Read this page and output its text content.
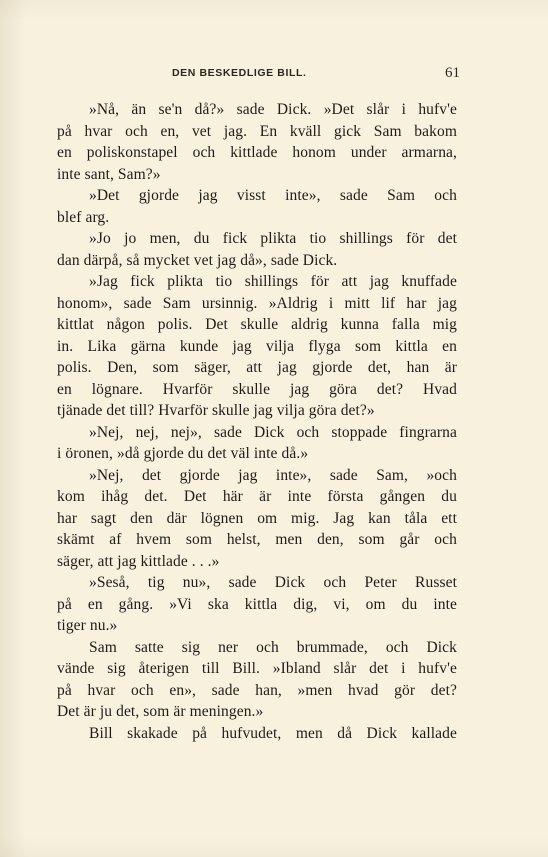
DEN BESKEDLIGE BILL.	61
»Nå, än se'n då?» sade Dick. »Det slår i hufv'e
på hvar och en, vet jag. En kväll gick Sam bakom
en poliskonstapel och kittlade honom under armarna,
inte sant, Sam?»
»Det gjorde jag visst inte», sade Sam och
blef arg.
»Jo jo men, du fick plikta tio shillings för det
dan därpå, så mycket vet jag då», sade Dick.
»Jag fick plikta tio shillings för att jag knuffade
honom», sade Sam ursinnig. »Aldrig i mitt lif har jag
kittlat någon polis. Det skulle aldrig kunna falla mig
in. Lika gärna kunde jag vilja flyga som kittla en
polis. Den, som säger, att jag gjorde det, han är
en lögnare. Hvarför skulle jag göra det? Hvad
tjänade det till? Hvarför skulle jag vilja göra det?»
»Nej, nej, nej», sade Dick och stoppade fingrarna
i öronen, »då gjorde du det väl inte då.»
»Nej, det gjorde jag inte», sade Sam, »och
kom ihåg det. Det här är inte första gången du
har sagt den där lögnen om mig. Jag kan tåla ett
skämt af hvem som helst, men den, som går och
säger, att jag kittlade . . .»
»Seså, tig nu», sade Dick och Peter Russet
på en gång. »Vi ska kittla dig, vi, om du inte
tiger nu.»
Sam satte sig ner och brummade, och Dick
vände sig återigen till Bill. »Ibland slår det i hufv'e
på hvar och en», sade han, »men hvad gör det?
Det är ju det, som är meningen.»
Bill skakade på hufvudet, men då Dick kallade
